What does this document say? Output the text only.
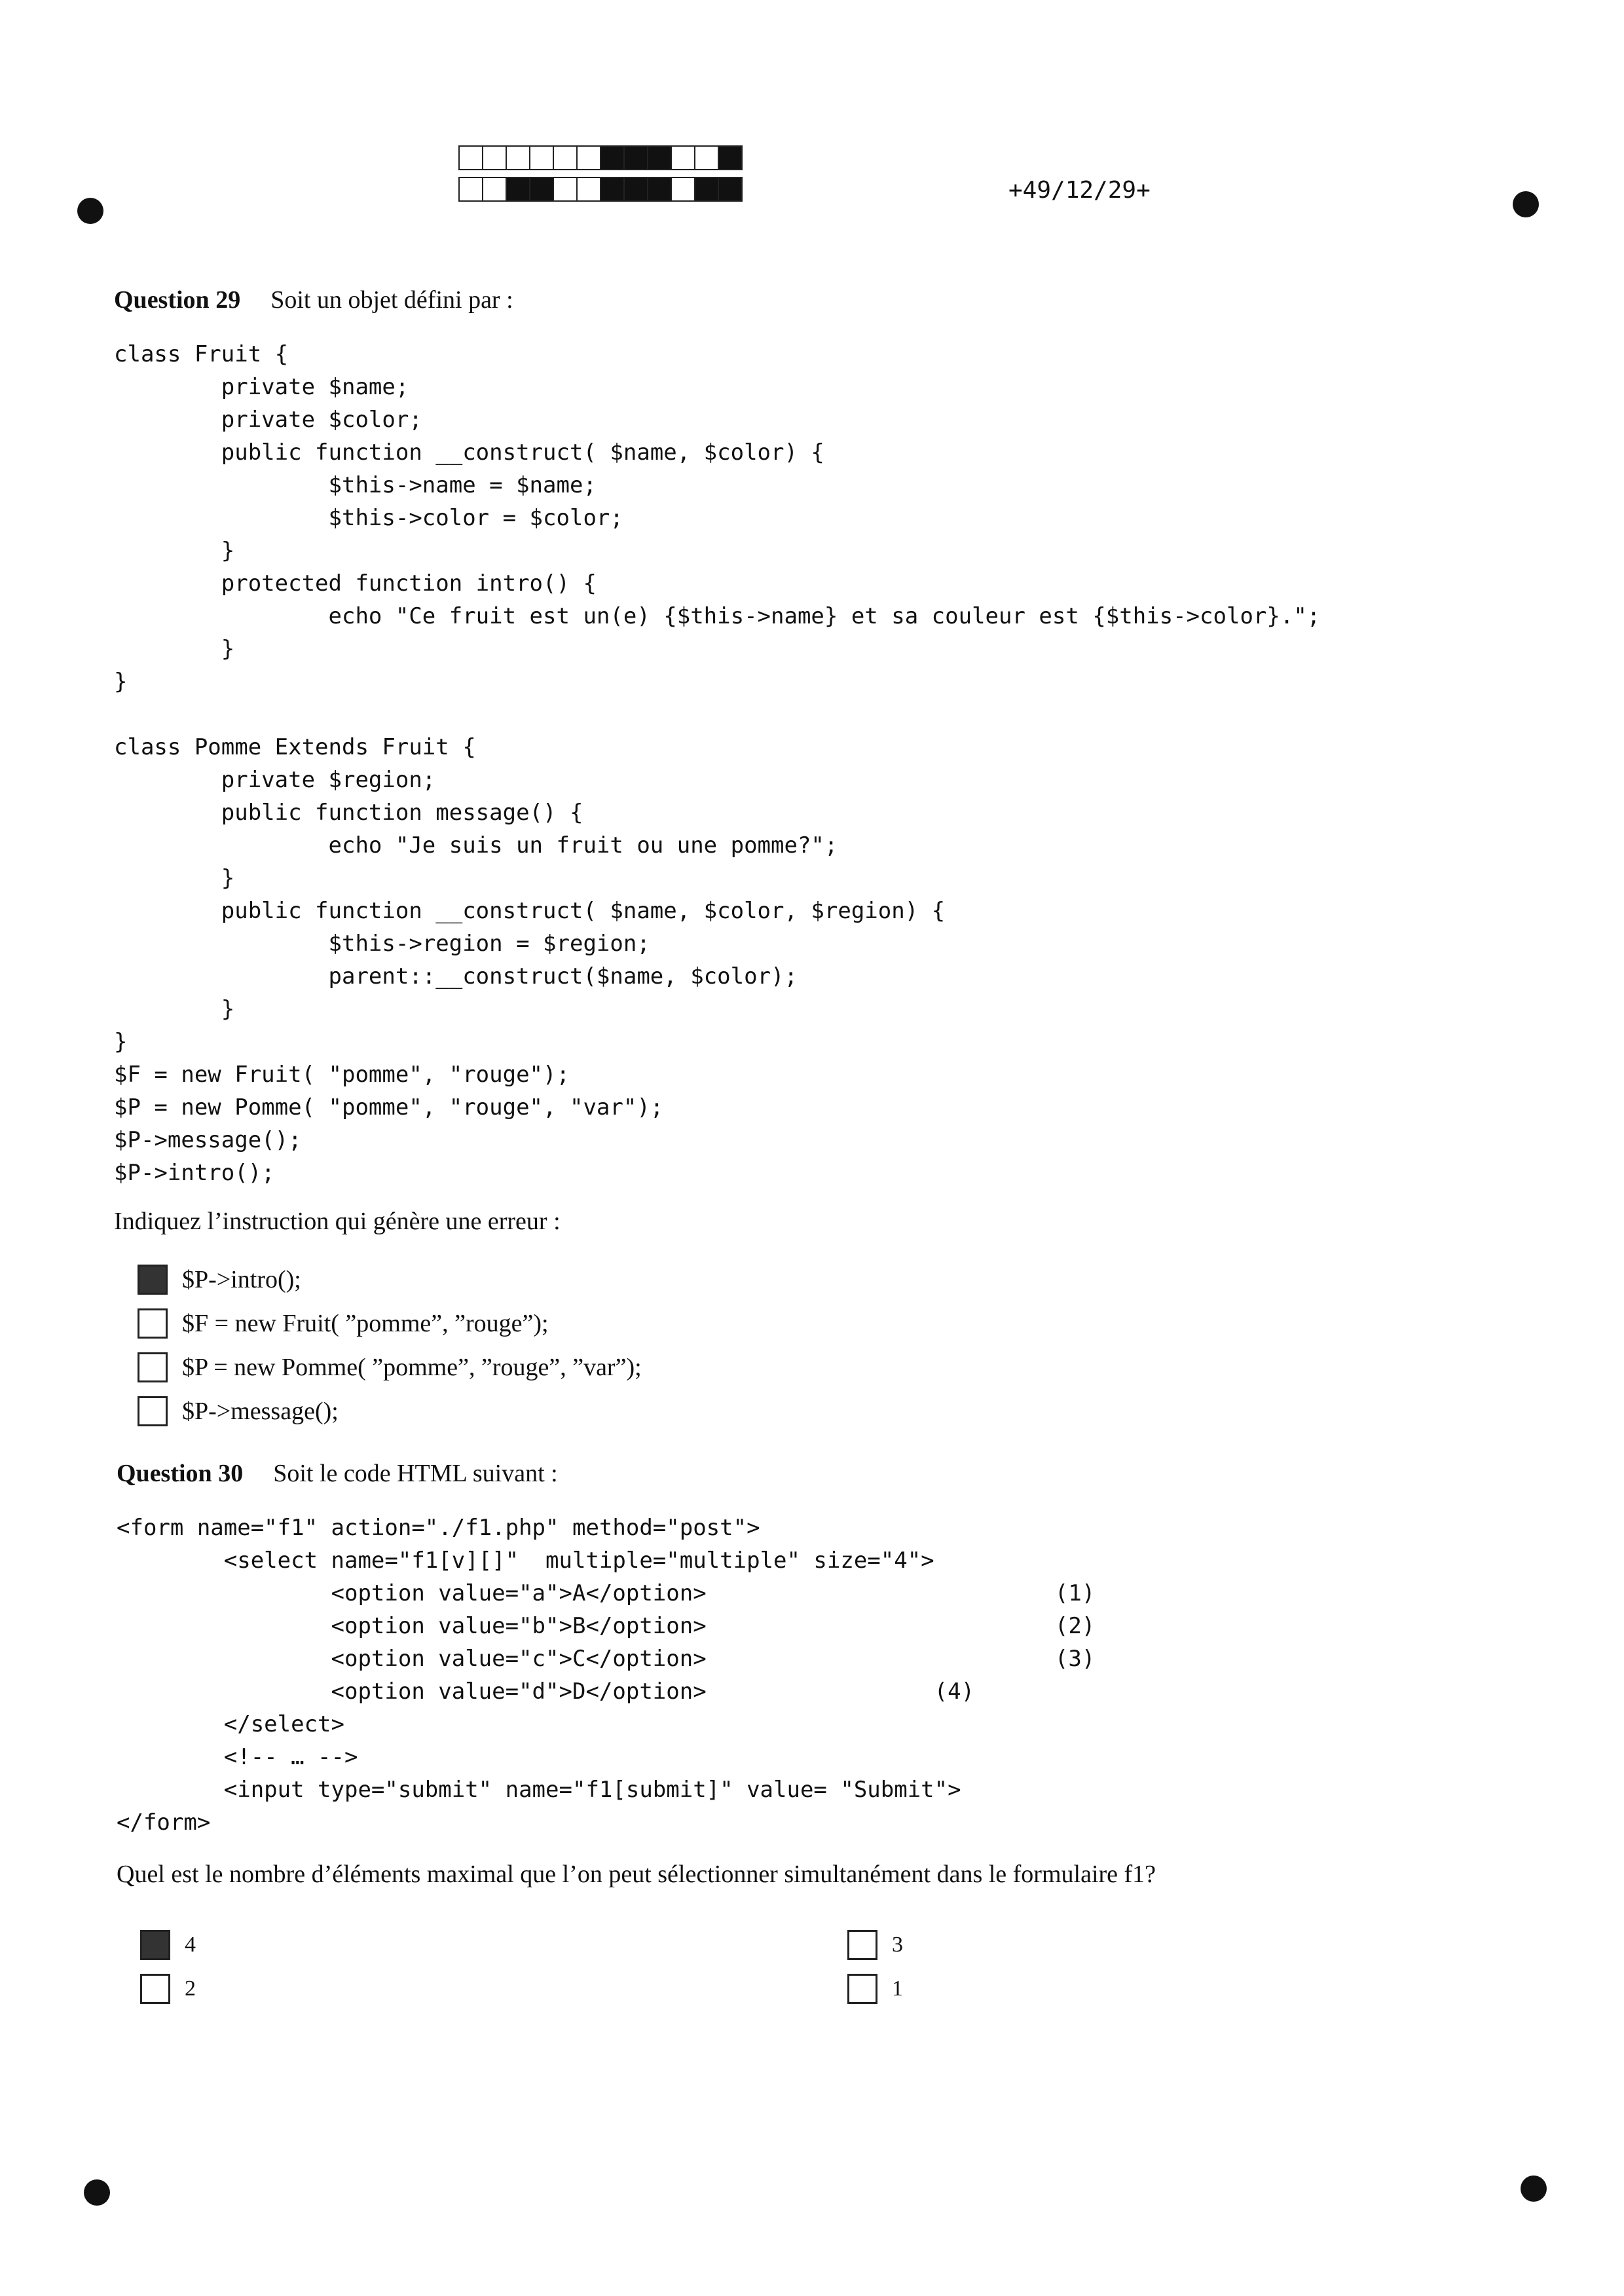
+49/12/29+
Question 29 Soit un objet défini par :
class Fruit {
private $name;
private $color;
public function __construct( $name, $color) {
$this->name = $name;
$this->color = $color;
}
protected function intro() {
echo "Ce fruit est un(e) {$this->name} et sa couleur est {$this->color}.";
}
}

class Pomme Extends Fruit {
private $region;
public function message() {
echo "Je suis un fruit ou une pomme?";
}
public function __construct( $name, $color, $region) {
$this->region = $region;
parent::__construct($name, $color);
}
}
$F = new Fruit( "pomme", "rouge");
$P = new Pomme( "pomme", "rouge", "var");
$P->message();
$P->intro();
Indiquez l’instruction qui génère une erreur :
$P->intro();
$F = new Fruit( ”pomme”, ”rouge”);
$P = new Pomme( ”pomme”, ”rouge”, ”var”);
$P->message();
Question 30 Soit le code HTML suivant :
<form name="f1" action="./f1.php" method="post">
<select name="f1[v][]"  multiple="multiple" size="4">
<option value="a">A</option>                          (1)
<option value="b">B</option>                          (2)
<option value="c">C</option>                          (3)
<option value="d">D</option>                 (4)
</select>
<!-- … -->
<input type="submit" name="f1[submit]" value= "Submit">
</form>
Quel est le nombre d’éléments maximal que l’on peut sélectionner simultanément dans le formulaire f1?
4	3
2	1
